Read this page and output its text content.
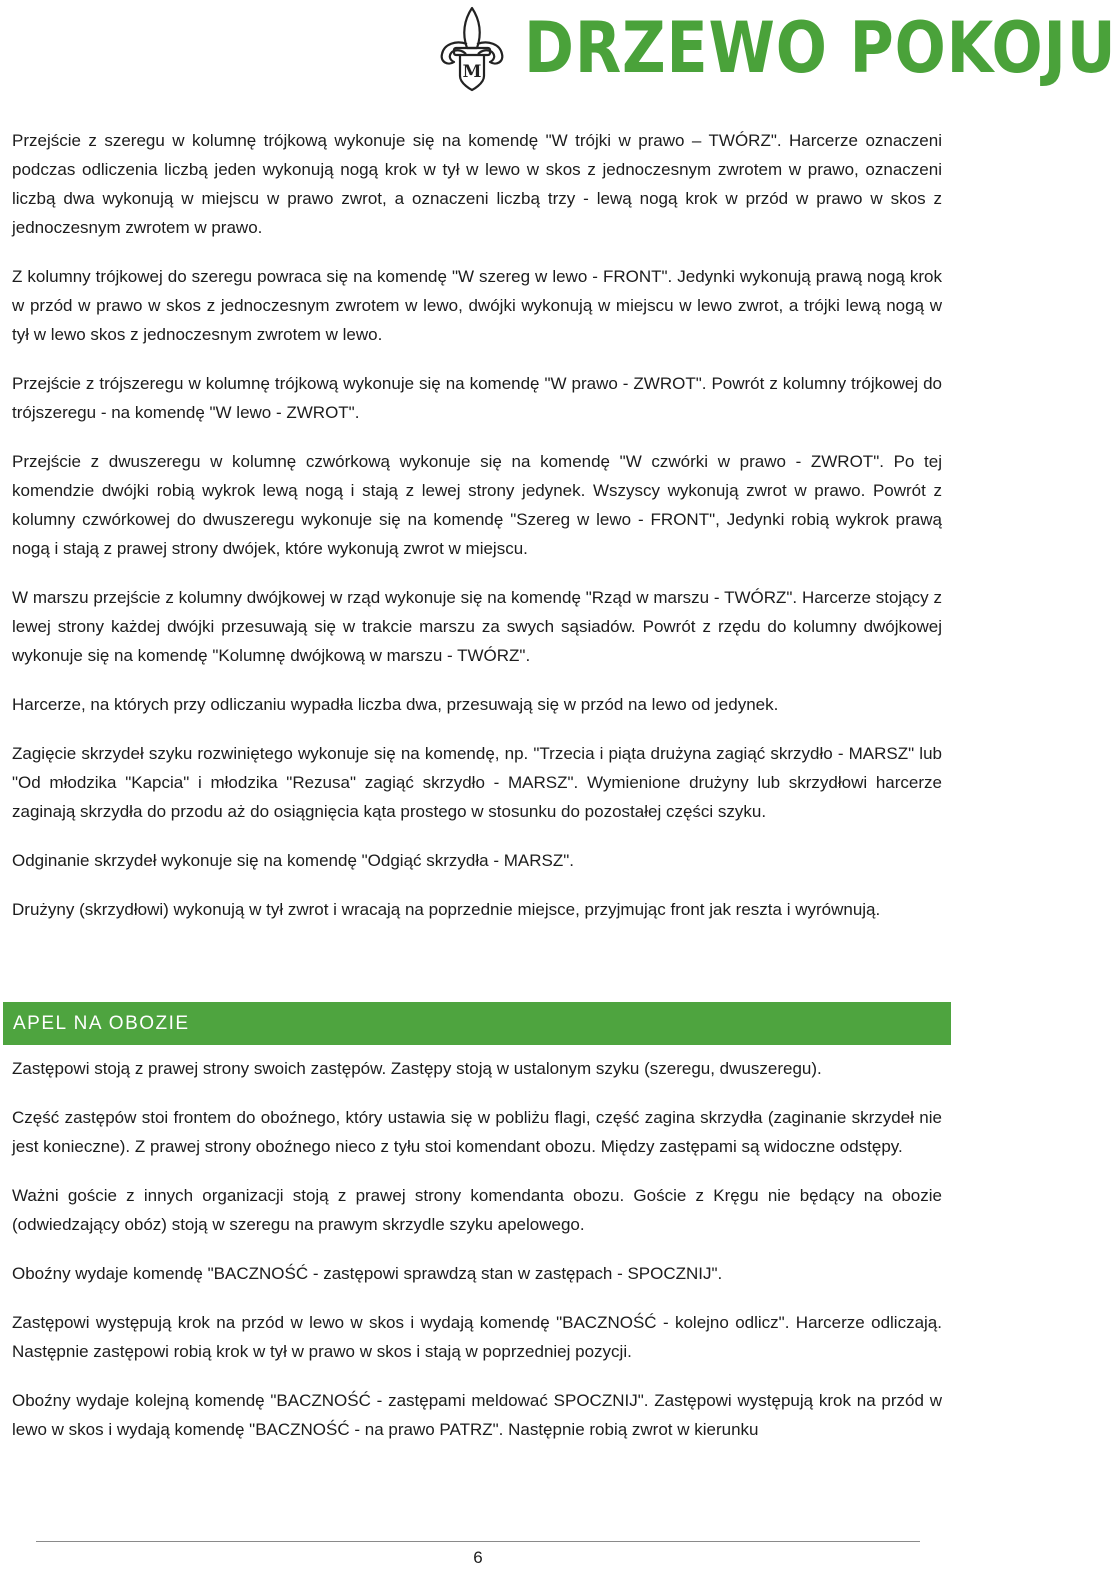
M DRZEWO POKOJU

Przejście z szeregu w kolumnę trójkową wykonuje się na komendę "W trójki w prawo – TWÓRZ". Harcerze oznaczeni podczas odliczenia liczbą jeden wykonują nogą krok w tył w lewo w skos z jednoczesnym zwrotem w prawo, oznaczeni liczbą dwa wykonują w miejscu w prawo zwrot, a oznaczeni liczbą trzy - lewą nogą krok w przód w prawo w skos z jednoczesnym zwrotem w prawo.

Z kolumny trójkowej do szeregu powraca się na komendę "W szereg w lewo - FRONT". Jedynki wykonują prawą nogą krok w przód w prawo w skos z jednoczesnym zwrotem w lewo, dwójki wykonują w miejscu w lewo zwrot, a trójki lewą nogą w tył w lewo skos z jednoczesnym zwrotem w lewo.

Przejście z trójszeregu w kolumnę trójkową wykonuje się na komendę "W prawo - ZWROT". Powrót z kolumny trójkowej do trójszeregu - na komendę "W lewo - ZWROT".

Przejście z dwuszeregu w kolumnę czwórkową wykonuje się na komendę "W czwórki w prawo - ZWROT". Po tej komendzie dwójki robią wykrok lewą nogą i stają z lewej strony jedynek. Wszyscy wykonują zwrot w prawo. Powrót z kolumny czwórkowej do dwuszeregu wykonuje się na komendę "Szereg w lewo - FRONT", Jedynki robią wykrok prawą nogą i stają z prawej strony dwójek, które wykonują zwrot w miejscu.

W marszu przejście z kolumny dwójkowej w rząd wykonuje się na komendę "Rząd w marszu - TWÓRZ". Harcerze stojący z lewej strony każdej dwójki przesuwają się w trakcie marszu za swych sąsiadów. Powrót z rzędu do kolumny dwójkowej wykonuje się na komendę "Kolumnę dwójkową w marszu - TWÓRZ".

Harcerze, na których przy odliczaniu wypadła liczba dwa, przesuwają się w przód na lewo od jedynek.

Zagięcie skrzydeł szyku rozwiniętego wykonuje się na komendę, np. "Trzecia i piąta drużyna zagiąć skrzydło - MARSZ" lub "Od młodzika "Kapcia" i młodzika "Rezusa" zagiąć skrzydło - MARSZ". Wymienione drużyny lub skrzydłowi harcerze zaginają skrzydła do przodu aż do osiągnięcia kąta prostego w stosunku do pozostałej części szyku.

Odginanie skrzydeł wykonuje się na komendę "Odgiąć skrzydła - MARSZ".

Drużyny (skrzydłowi) wykonują w tył zwrot i wracają na poprzednie miejsce, przyjmując front jak reszta i wyrównują.

APEL NA OBOZIE

Zastępowi stoją z prawej strony swoich zastępów. Zastępy stoją w ustalonym szyku (szeregu, dwuszeregu).

Część zastępów stoi frontem do oboźnego, który ustawia się w pobliżu flagi, część zagina skrzydła (zaginanie skrzydeł nie jest konieczne). Z prawej strony oboźnego nieco z tyłu stoi komendant obozu. Między zastępami są widoczne odstępy.

Ważni goście z innych organizacji stoją z prawej strony komendanta obozu. Goście z Kręgu nie będący na obozie (odwiedzający obóz) stoją w szeregu na prawym skrzydle szyku apelowego.

Oboźny wydaje komendę "BACZNOŚĆ - zastępowi sprawdzą stan w zastępach - SPOCZNIJ".

Zastępowi występują krok na przód w lewo w skos i wydają komendę "BACZNOŚĆ - kolejno odlicz". Harcerze odliczają. Następnie zastępowi robią krok w tył w prawo w skos i stają w poprzedniej pozycji.

Oboźny wydaje kolejną komendę "BACZNOŚĆ - zastępami meldować SPOCZNIJ". Zastępowi występują krok na przód w lewo w skos i wydają komendę "BACZNOŚĆ - na prawo PATRZ". Następnie robią zwrot w kierunku

6
